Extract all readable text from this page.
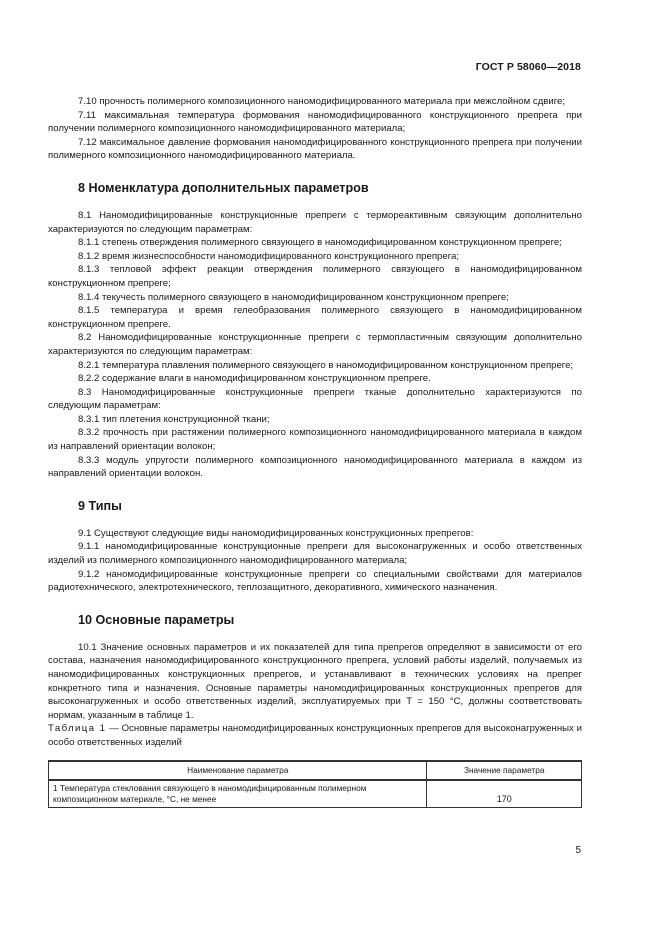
ГОСТ Р 58060—2018

7.10 прочность полимерного композиционного наномодифицированного материала при межслойном сдвиге;

7.11 максимальная температура формования наномодифицированного конструкционного препрега при получении полимерного композиционного наномодифицированного материала;

7.12 максимальное давление формования наномодифицированного конструкционного препрега при получении полимерного композиционного наномодифицированного материала.

8 Номенклатура дополнительных параметров

8.1 Наномодифицированные конструкционные препреги с термореактивным связующим дополнительно характеризуются по следующим параметрам:

8.1.1 степень отверждения полимерного связующего в наномодифицированном конструкционном препреге;

8.1.2 время жизнеспособности наномодифицированного конструкционного препрега;

8.1.3 тепловой эффект реакции отверждения полимерного связующего в наномодифицированном конструкционном препреге;

8.1.4 текучесть полимерного связующего в наномодифицированном конструкционном препреге;

8.1.5 температура и время гелеобразования полимерного связующего в наномодифицированном конструкционном препреге.

8.2 Наномодифицированные конструкционнные препреги с термопластичным связующим дополнительно характеризуются по следующим параметрам:

8.2.1 температура плавления полимерного связующего в наномодифицированном конструкционном препреге;

8.2.2 содержание влаги в наномодифицированном конструкционном препреге.

8.3 Наномодифицированные конструкционные препреги тканые дополнительно характеризуются по следующим параметрам:

8.3.1 тип плетения конструкционной ткани;

8.3.2 прочность при растяжении полимерного композиционного наномодифицированного материала в каждом из направлений ориентации волокон;

8.3.3 модуль упругости полимерного композиционного наномодифицированного материала в каждом из направлений ориентации волокон.

9 Типы

9.1 Существуют следующие виды наномодифицированных конструкционных препрегов:

9.1.1 наномодифицированные конструкционные препреги для высоконагруженных и особо ответственных изделий из полимерного композиционного наномодифицированного материала;

9.1.2 наномодифицированные конструкционные препреги со специальными свойствами для материалов радиотехнического, электротехнического, теплозащитного, декоративного, химического назначения.

10 Основные параметры

10.1 Значение основных параметров и их показателей для типа препрегов определяют в зависимости от его состава, назначения наномодифицированного конструкционного препрега, условий работы изделий, получаемых из наномодифицированных конструкционных препрегов, и устанавливают в технических условиях на препрег конкретного типа и назначения. Основные параметры наномодифицированных конструкционных препрегов для высоконагруженных и особо ответственных изделий, эксплуатируемых при T = 150 °C, должны соответствовать нормам, указанным в таблице 1.

Таблица 1 — Основные параметры наномодифицированных конструкционных препрегов для высоконагруженных и особо ответственных изделий

Наименование параметра	Значение параметра
1 Температура стеклования связующего в наномодифицированным полимерном композиционном материале, °С, не менее	170
5
